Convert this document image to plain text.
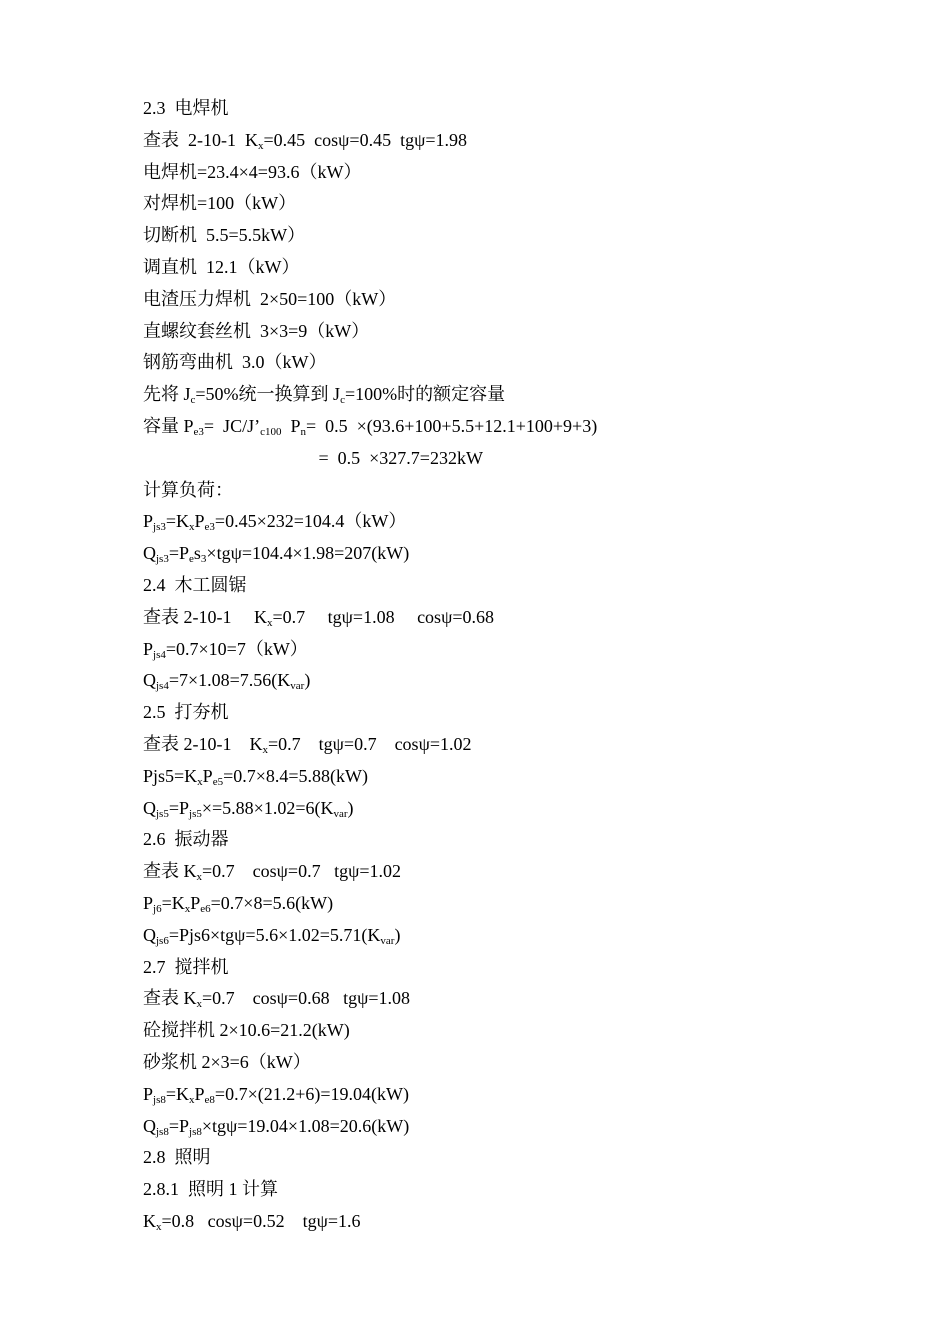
2.3  电焊机
查表  2-10-1  $K_x=0.45$  cosψ=0.45  tgψ=1.98
电焊机=23.4×4=93.6（kW）
对焊机=100（kW）
切断机  5.5=5.5kW）
调直机  12.1（kW）
电渣压力焊机  2×50=100（kW）
直螺纹套丝机  3×3=9（kW）
钢筋弯曲机  3.0（kW）
先将 $J_c=50\%$统一换算到 $J_c=100\%$时的额定容量
容量 $P_{e3}=$  $JC/J’_{c100}$  $P_n= 0.5 \times(93.6+100+5.5+12.1+100+9+3)$
=  0.5  ×327.7=232kW
计算负荷：
$P_{js3}=K_xP_{e3}=0.45\times 232=104.4(kW)$
$Q_{js3}=P_es_3\times tg\psi=104.4\times 1.98=207(kW)$
2.4  木工圆锯
查表 2-10-1     $K_x=0.7$     tgψ=1.08     cosψ=0.68
$P_{js4}=0.7\times 10=7(kW)$
$Q_{js4}=7\times 1.08=7.56(K_{var})$
2.5  打夯机
查表 2-10-1    $K_x=0.7$    tgψ=0.7    cosψ=1.02
$Pjs5=K_xP_{e5}=0.7\times 8.4=5.88(kW)$
$Q_{js5}=P_{js5}\times=5.88\times 1.02=6(K_{var})$
2.6  振动器
查表 $K_x=0.7$    cosψ=0.7   tgψ=1.02
$P_{j6}=K_xP_{e6}=0.7\times 8=5.6(kW)$
$Q_{js6}=Pjs6\times tg\psi=5.6\times 1.02=5.71(K_{var})$
2.7  搅拌机
查表 $K_x=0.7$    cosψ=0.68   tgψ=1.08
砼搅拌机 2×10.6=21.2(kW)
砂浆机 2×3=6（kW）
$P_{js8}=K_xP_{e8}=0.7\times(21.2+6)=19.04(kW)$
$Q_{js8}=P_{js8}\times tg\psi=19.04\times 1.08=20.6(kW)$
2.8  照明
2.8.1  照明 1 计算
$K_x=0.8$   cosψ=0.52    tgψ=1.6
